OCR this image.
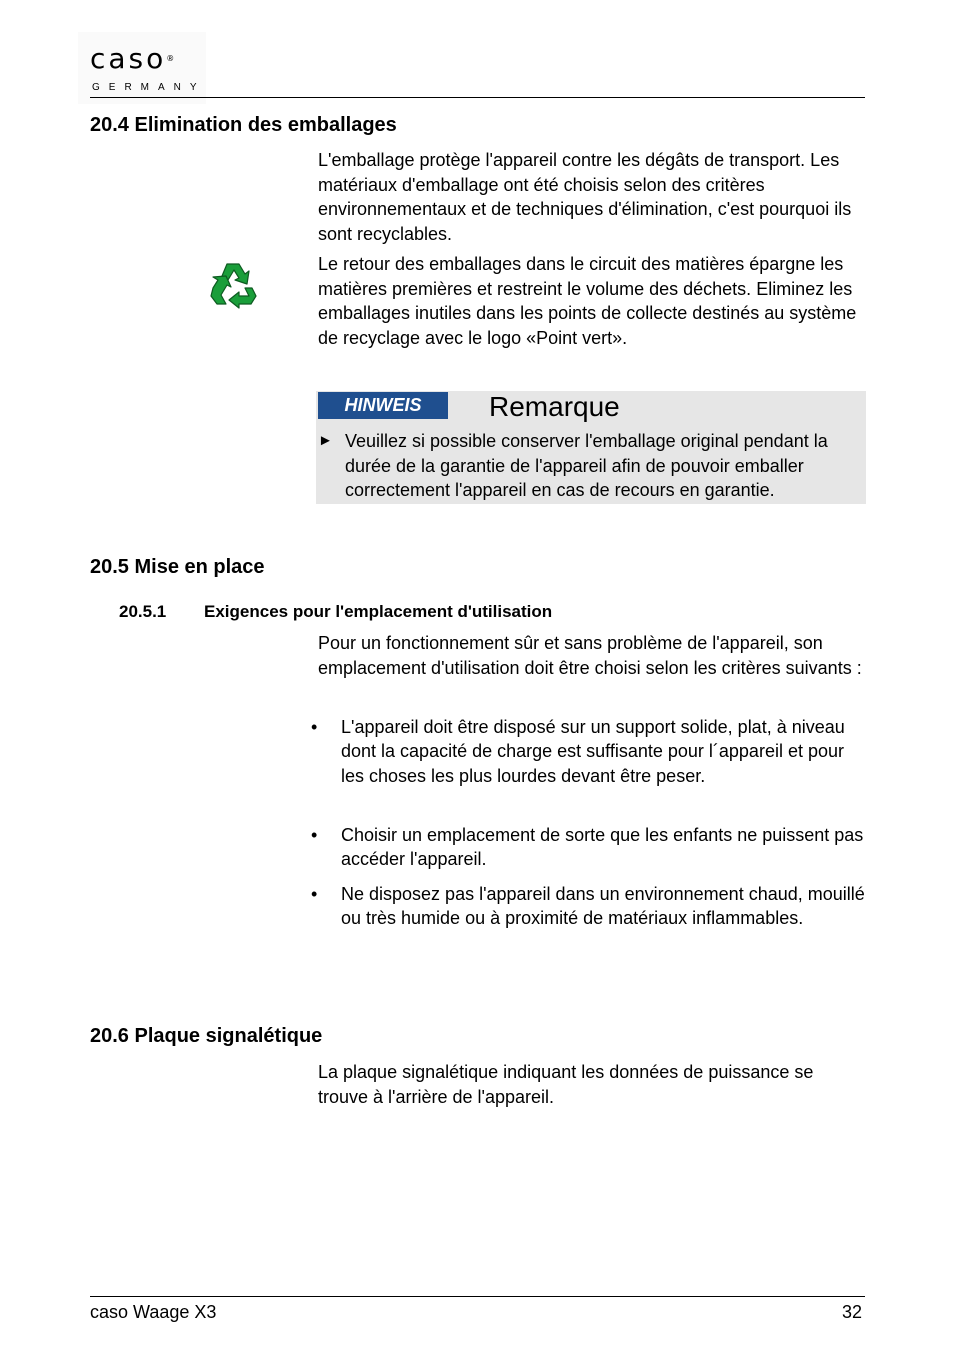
caso®
GERMANY
20.4 Elimination des emballages

L'emballage protège l'appareil contre les dégâts de transport. Les matériaux d'emballage ont été choisis selon des critères environnementaux et de techniques d'élimination, c'est pourquoi ils sont recyclables.

Le retour des emballages dans le circuit des matières épargne les matières premières et restreint le volume des déchets. Eliminez les emballages inutiles dans les points de collecte destinés au système de recyclage avec le logo «Point vert».

HINWEIS	Remarque
► Veuillez si possible conserver l'emballage original pendant la durée de la garantie de l'appareil afin de pouvoir emballer correctement l'appareil en cas de recours en garantie.
20.5 Mise en place
20.5.1 Exigences pour l'emplacement d'utilisation

Pour un fonctionnement sûr et sans problème de l'appareil, son emplacement d'utilisation doit être choisi selon les critères suivants :

•	L'appareil doit être disposé sur un support solide, plat, à niveau dont la capacité de charge est suffisante pour l´appareil et pour les choses les plus lourdes devant être peser.
•	Choisir un emplacement de sorte que les enfants ne puissent pas accéder l'appareil.
•	Ne disposez pas l'appareil dans un environnement chaud, mouillé ou très humide ou à proximité de matériaux inflammables.
20.6 Plaque signalétique

La plaque signalétique indiquant les données de puissance se trouve à l'arrière de l'appareil.

caso Waage X3	32
